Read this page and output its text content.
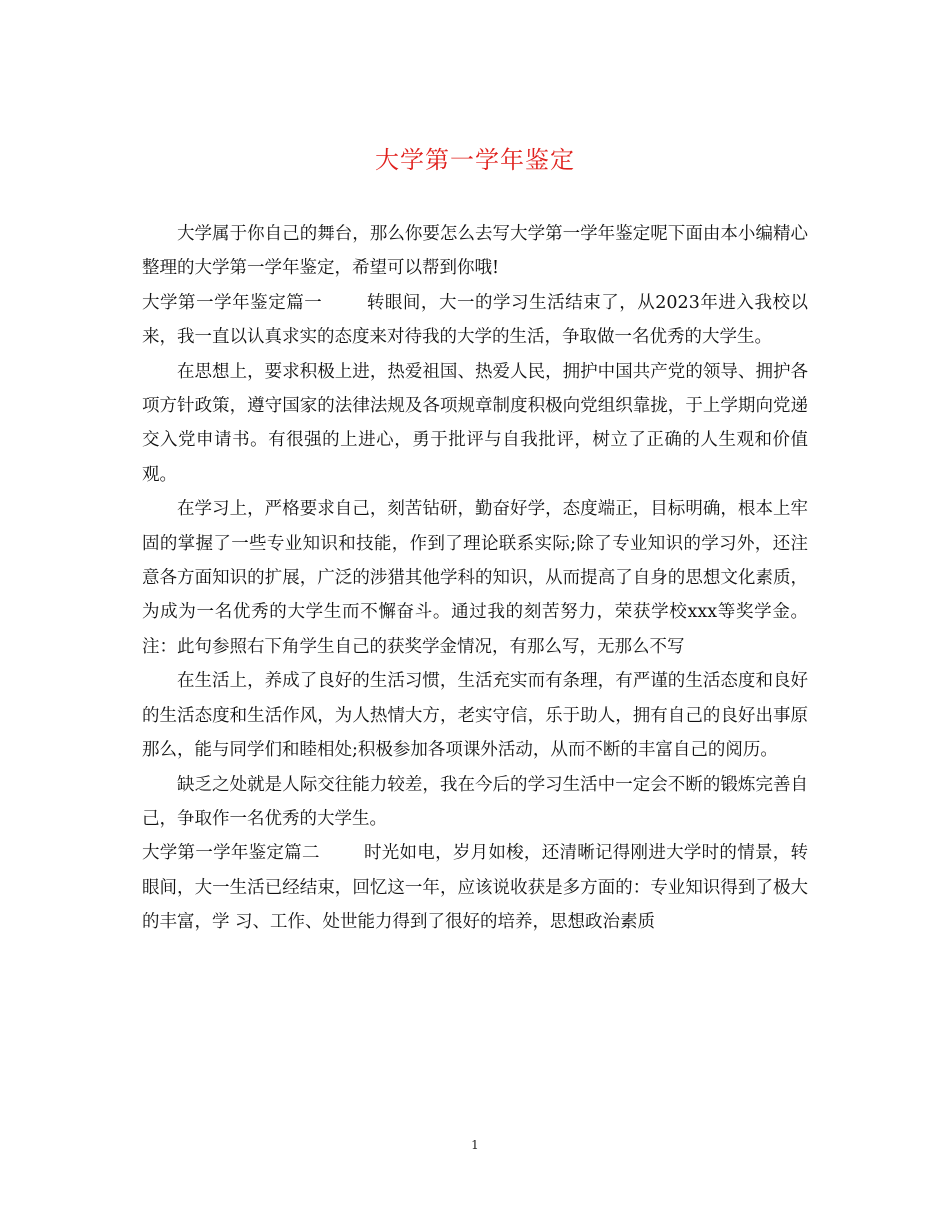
大学第一学年鉴定

大学属于你自己的舞台，那么你要怎么去写大学第一学年鉴定呢下面由本小编精心整理的大学第一学年鉴定，希望可以帮到你哦!

大学第一学年鉴定篇一	转眼间，大一的学习生活结束了，从2023年进入我校以来，我一直以认真求实的态度来对待我的大学的生活，争取做一名优秀的大学生。

在思想上，要求积极上进，热爱祖国、热爱人民，拥护中国共产党的领导、拥护各项方针政策，遵守国家的法律法规及各项规章制度积极向党组织靠拢，于上学期向党递交入党申请书。有很强的上进心，勇于批评与自我批评，树立了正确的人生观和价值观。

在学习上，严格要求自己，刻苦钻研，勤奋好学，态度端正，目标明确，根本上牢固的掌握了一些专业知识和技能，作到了理论联系实际;除了专业知识的学习外，还注意各方面知识的扩展，广泛的涉猎其他学科的知识，从而提高了自身的思想文化素质，为成为一名优秀的大学生而不懈奋斗。通过我的刻苦努力，荣获学校xxx等奖学金。注：此句参照右下角学生自己的获奖学金情况，有那么写，无那么不写

在生活上，养成了良好的生活习惯，生活充实而有条理，有严谨的生活态度和良好的生活态度和生活作风，为人热情大方，老实守信，乐于助人，拥有自己的良好出事原那么，能与同学们和睦相处;积极参加各项课外活动，从而不断的丰富自己的阅历。

缺乏之处就是人际交往能力较差，我在今后的学习生活中一定会不断的锻炼完善自己，争取作一名优秀的大学生。

大学第一学年鉴定篇二	时光如电，岁月如梭，还清晰记得刚进大学时的情景，转眼间，大一生活已经结束，回忆这一年，应该说收获是多方面的：专业知识得到了极大的丰富，学 习、工作、处世能力得到了很好的培养，思想政治素质

1
